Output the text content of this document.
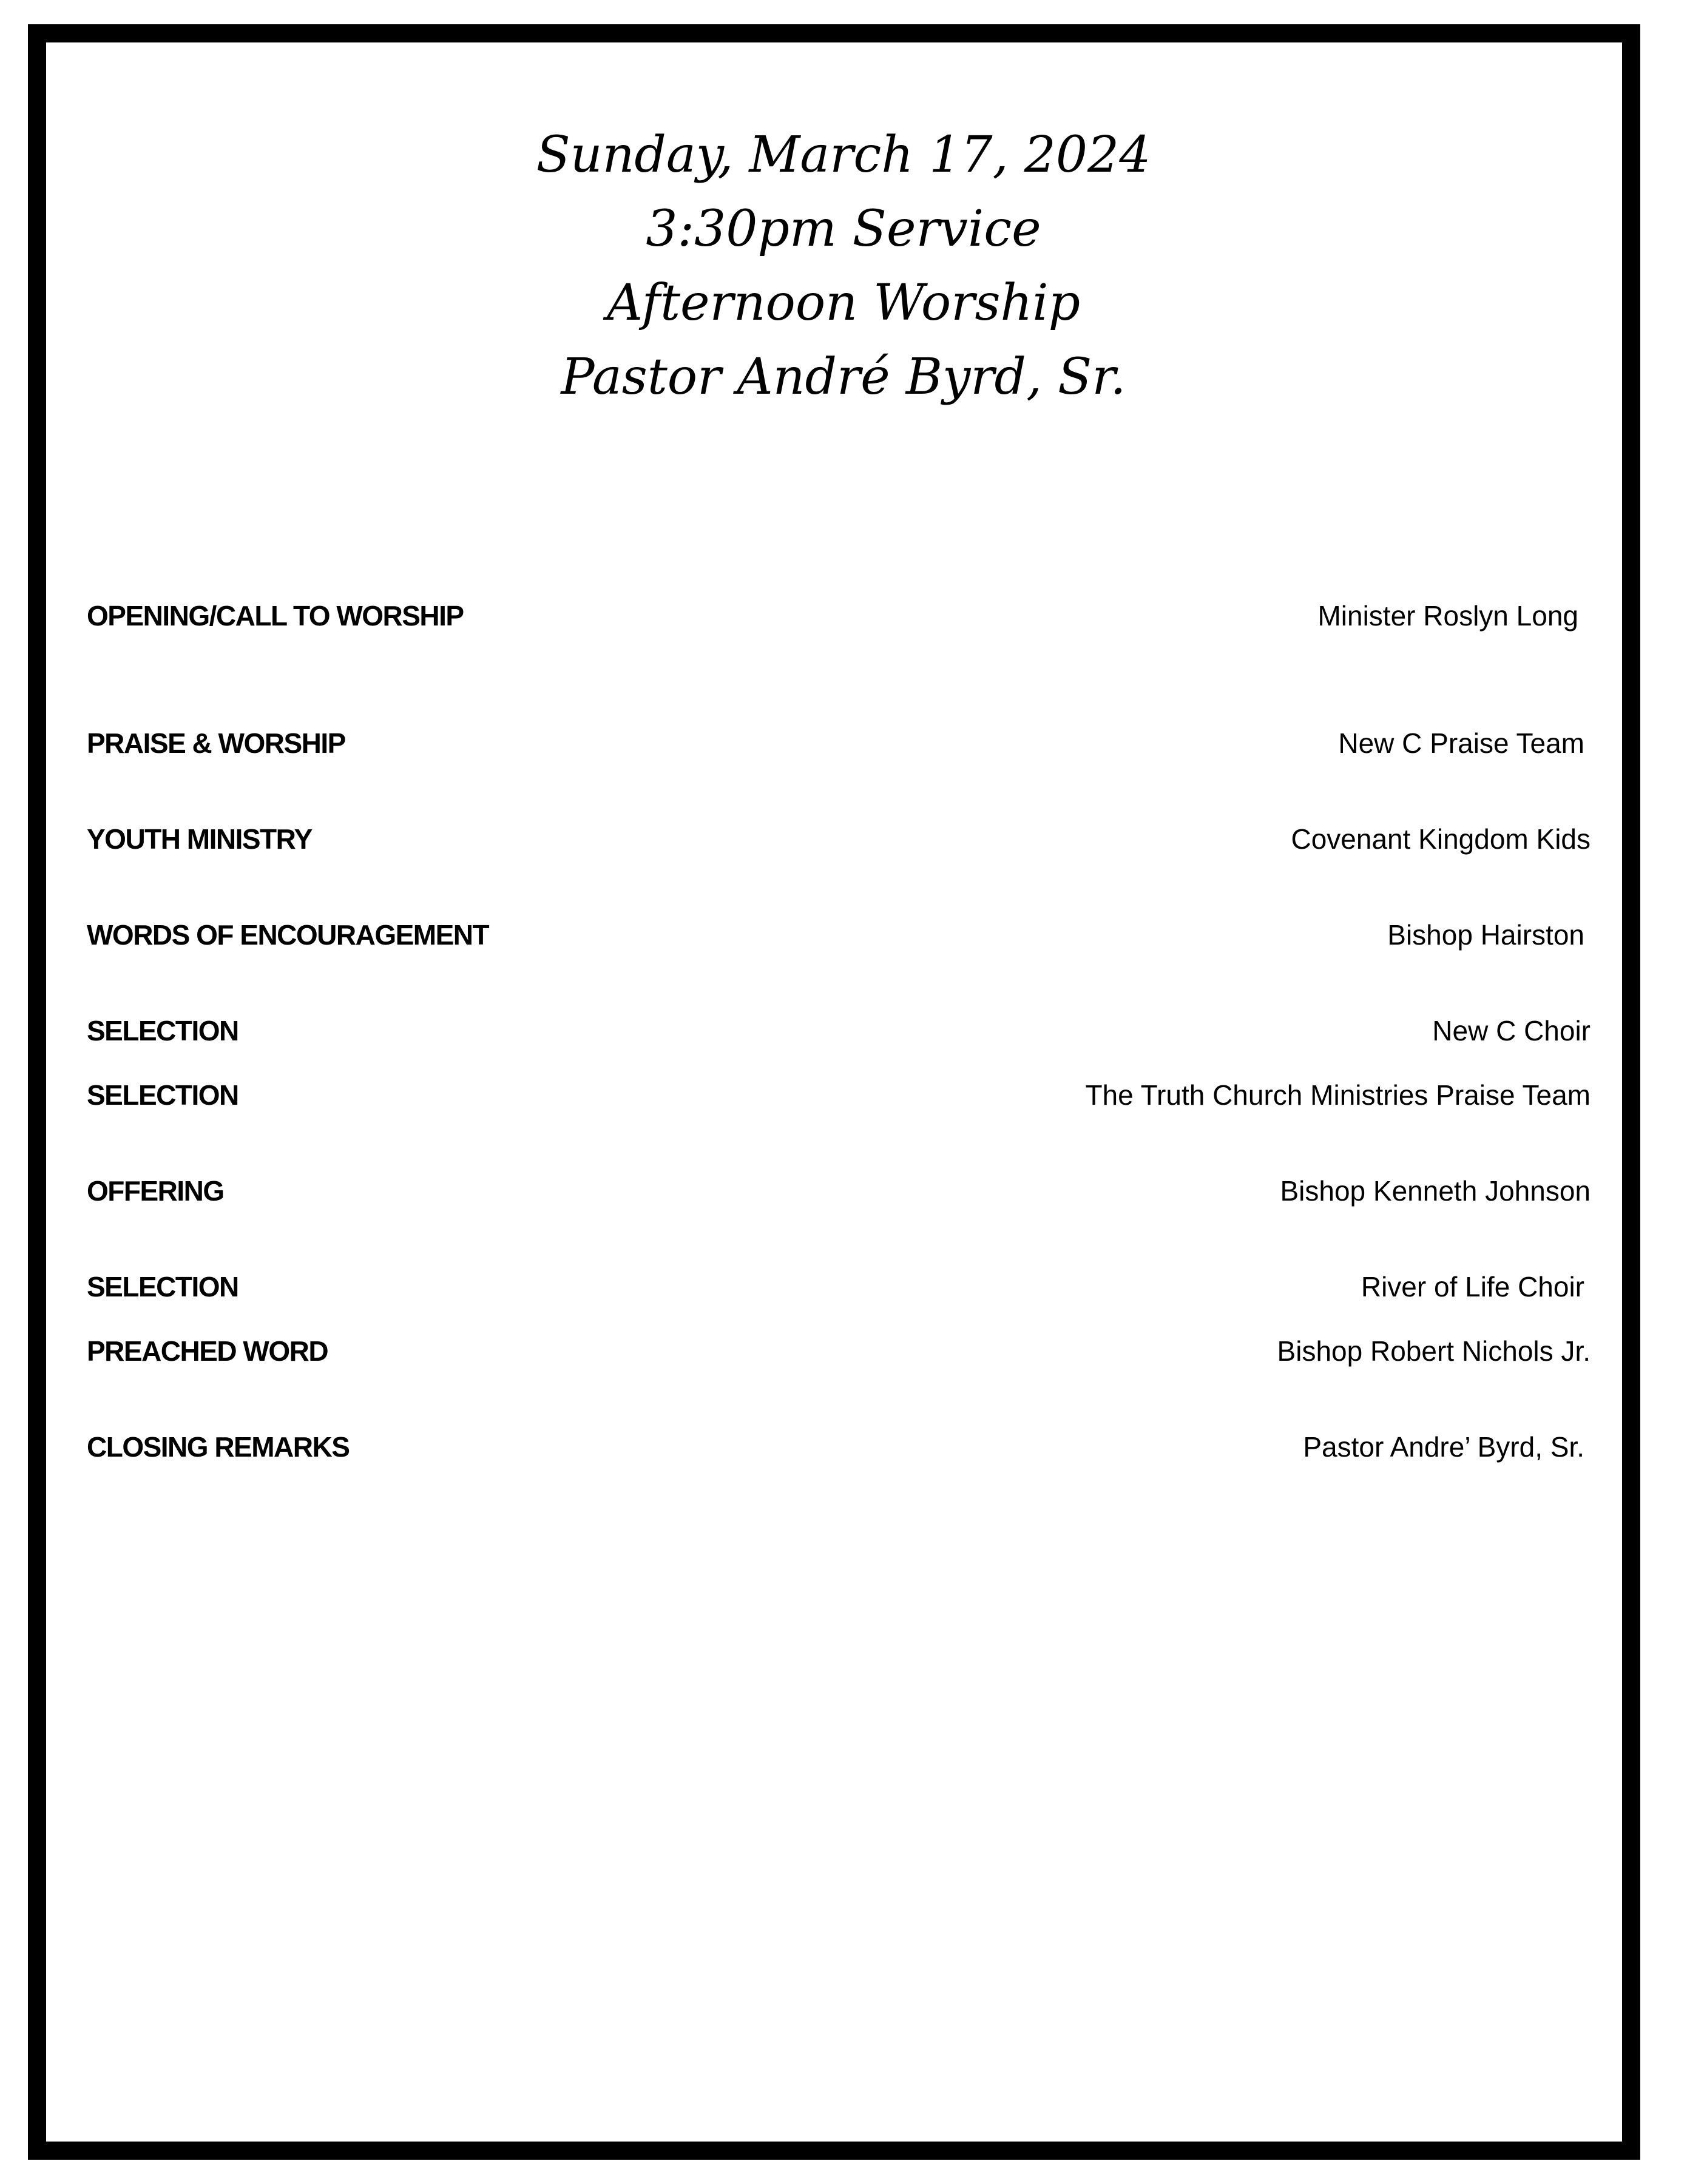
Sunday, March 17, 2024
3:30pm Service
Afternoon Worship
Pastor André Byrd, Sr.
OPENING/CALL TO WORSHIP	Minister Roslyn Long
PRAISE & WORSHIP	New C Praise Team
YOUTH MINISTRY	Covenant Kingdom Kids
WORDS OF ENCOURAGEMENT	Bishop Hairston
SELECTION	New C Choir
SELECTION	The Truth Church Ministries Praise Team
OFFERING	Bishop Kenneth Johnson
SELECTION	River of Life Choir
PREACHED WORD	Bishop Robert Nichols Jr.
CLOSING REMARKS	Pastor Andre’ Byrd, Sr.
